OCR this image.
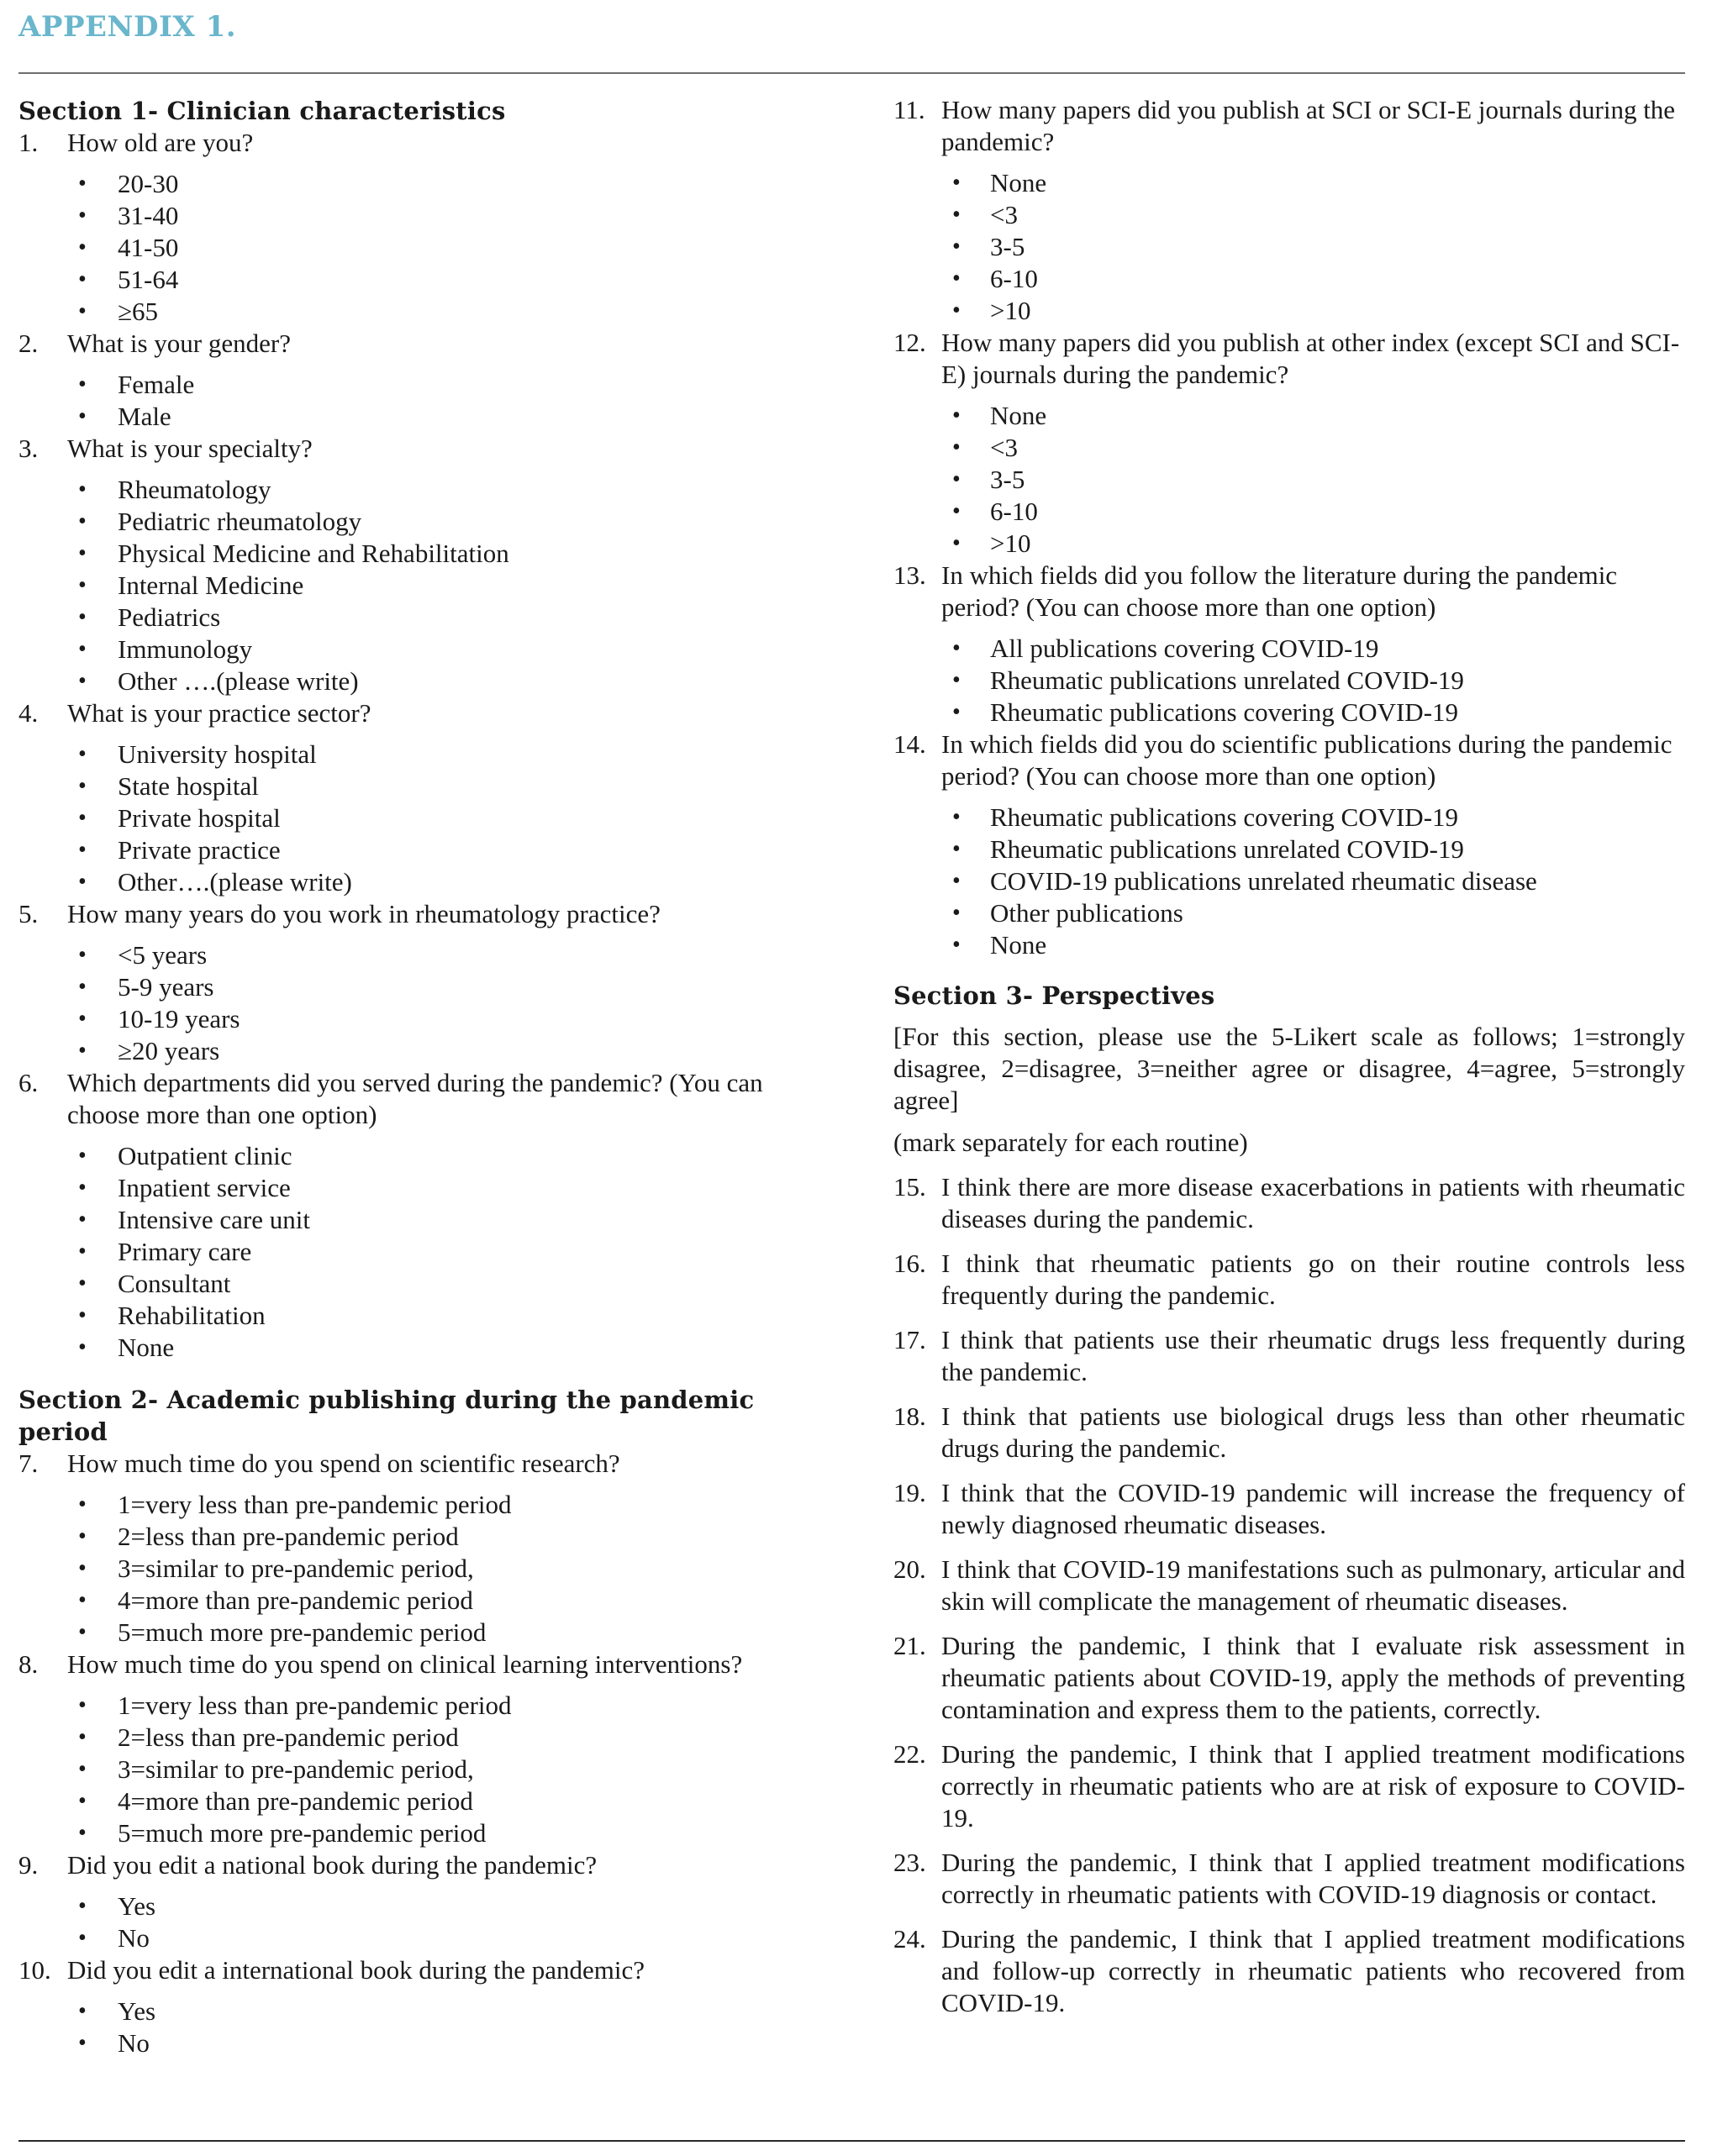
APPENDIX 1.
Section 1- Clinician characteristics
1.	How old are you?
• 20-30
• 31-40
• 41-50
• 51-64
• ≥65
2.	What is your gender?
• Female
• Male
3.	What is your specialty?
• Rheumatology
• Pediatric rheumatology
• Physical Medicine and Rehabilitation
• Internal Medicine
• Pediatrics
• Immunology
• Other ….(please write)
4.	What is your practice sector?
• University hospital
• State hospital
• Private hospital
• Private practice
• Other….(please write)
5.	How many years do you work in rheumatology practice?
• <5 years
• 5-9 years
• 10-19 years
• ≥20 years
6.	Which departments did you served during the pandemic? (You can choose more than one option)
• Outpatient clinic
• Inpatient service
• Intensive care unit
• Primary care
• Consultant
• Rehabilitation
• None
Section 2- Academic publishing during the pandemic period
7.	How much time do you spend on scientific research?
• 1=very less than pre-pandemic period
• 2=less than pre-pandemic period
• 3=similar to pre-pandemic period,
• 4=more than pre-pandemic period
• 5=much more pre-pandemic period
8.	How much time do you spend on clinical learning interventions?
• 1=very less than pre-pandemic period
• 2=less than pre-pandemic period
• 3=similar to pre-pandemic period,
• 4=more than pre-pandemic period
• 5=much more pre-pandemic period
9.	Did you edit a national book during the pandemic?
• Yes
• No
10. Did you edit a international book during the pandemic?
• Yes
• No
11. How many papers did you publish at SCI or SCI-E journals during the pandemic?
• None
• <3
• 3-5
• 6-10
• >10
12. How many papers did you publish at other index (except SCI and SCI-E) journals during the pandemic?
• None
• <3
• 3-5
• 6-10
• >10
13. In which fields did you follow the literature during the pandemic period? (You can choose more than one option)
• All publications covering COVID-19
• Rheumatic publications unrelated COVID-19
• Rheumatic publications covering COVID-19
14. In which fields did you do scientific publications during the pandemic period? (You can choose more than one option)
• Rheumatic publications covering COVID-19
• Rheumatic publications unrelated COVID-19
• COVID-19 publications unrelated rheumatic disease
• Other publications
• None
Section 3- Perspectives
[For this section, please use the 5-Likert scale as follows; 1=strongly disagree, 2=disagree, 3=neither agree or disagree, 4=agree, 5=strongly agree]
(mark separately for each routine)
15. I think there are more disease exacerbations in patients with rheumatic diseases during the pandemic.
16. I think that rheumatic patients go on their routine controls less frequently during the pandemic.
17. I think that patients use their rheumatic drugs less frequently during the pandemic.
18. I think that patients use biological drugs less than other rheumatic drugs during the pandemic.
19. I think that the COVID-19 pandemic will increase the frequency of newly diagnosed rheumatic diseases.
20. I think that COVID-19 manifestations such as pulmonary, articular and skin will complicate the management of rheumatic diseases.
21. During the pandemic, I think that I evaluate risk assessment in rheumatic patients about COVID-19, apply the methods of preventing contamination and express them to the patients, correctly.
22. During the pandemic, I think that I applied treatment modifications correctly in rheumatic patients who are at risk of exposure to COVID-19.
23. During the pandemic, I think that I applied treatment modifications correctly in rheumatic patients with COVID-19 diagnosis or contact.
24. During the pandemic, I think that I applied treatment modifications and follow-up correctly in rheumatic patients who recovered from COVID-19.
